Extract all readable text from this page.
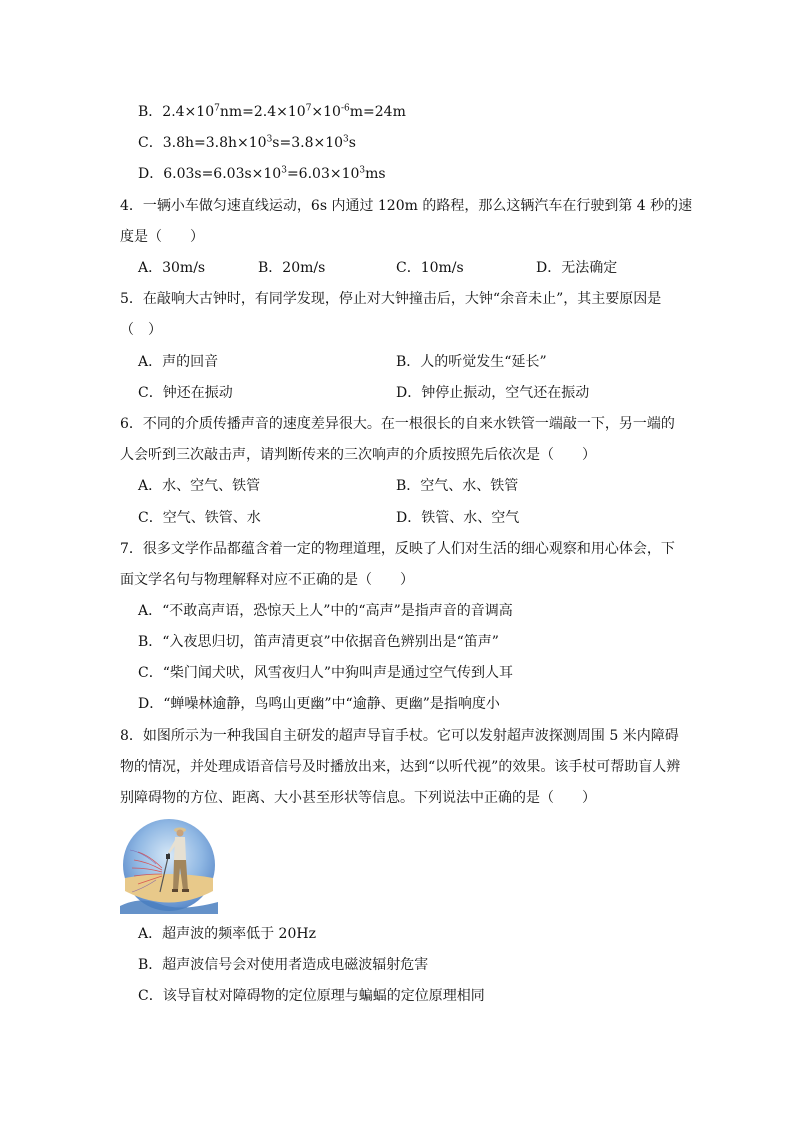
B．$2.4\times 10^7nm=2.4\times 10^7\times 10^{-6}m=24m$
C．$3.8h=3.8h\times 10^3s=3.8\times 10^3s$
D．$6.03s=6.03s\times 10^3=6.03\times 10^3ms$
4．一辆小车做匀速直线运动，6s 内通过 120m 的路程，那么这辆汽车在行驶到第 4 秒的速
度是（　　）
A．30m/s	B．20m/s	C．10m/s	D．无法确定
5．在敲响大古钟时，有同学发现，停止对大钟撞击后，大钟“余音未止”，其主要原因是
（　）
A．声的回音	B．人的听觉发生“延长”
C．钟还在振动	D．钟停止振动，空气还在振动
6．不同的介质传播声音的速度差异很大。在一根很长的自来水铁管一端敲一下，另一端的
人会听到三次敲击声，请判断传来的三次响声的介质按照先后依次是（　　）
A．水、空气、铁管	B．空气、水、铁管
C．空气、铁管、水	D．铁管、水、空气
7．很多文学作品都蕴含着一定的物理道理，反映了人们对生活的细心观察和用心体会，下
面文学名句与物理解释对应不正确的是（　　）
A．“不敢高声语，恐惊天上人”中的“高声”是指声音的音调高
B．“入夜思归切，笛声清更哀”中依据音色辨别出是“笛声”
C．“柴门闻犬吠，风雪夜归人”中狗叫声是通过空气传到人耳
D．“蝉噪林逾静，鸟鸣山更幽”中“逾静、更幽”是指响度小
8．如图所示为一种我国自主研发的超声导盲手杖。它可以发射超声波探测周围 5 米内障碍
物的情况，并处理成语音信号及时播放出来，达到“以听代视”的效果。该手杖可帮助盲人辨
别障碍物的方位、距离、大小甚至形状等信息。下列说法中正确的是（　　）
A．超声波的频率低于 20Hz
B．超声波信号会对使用者造成电磁波辐射危害
C．该导盲杖对障碍物的定位原理与蝙蝠的定位原理相同
